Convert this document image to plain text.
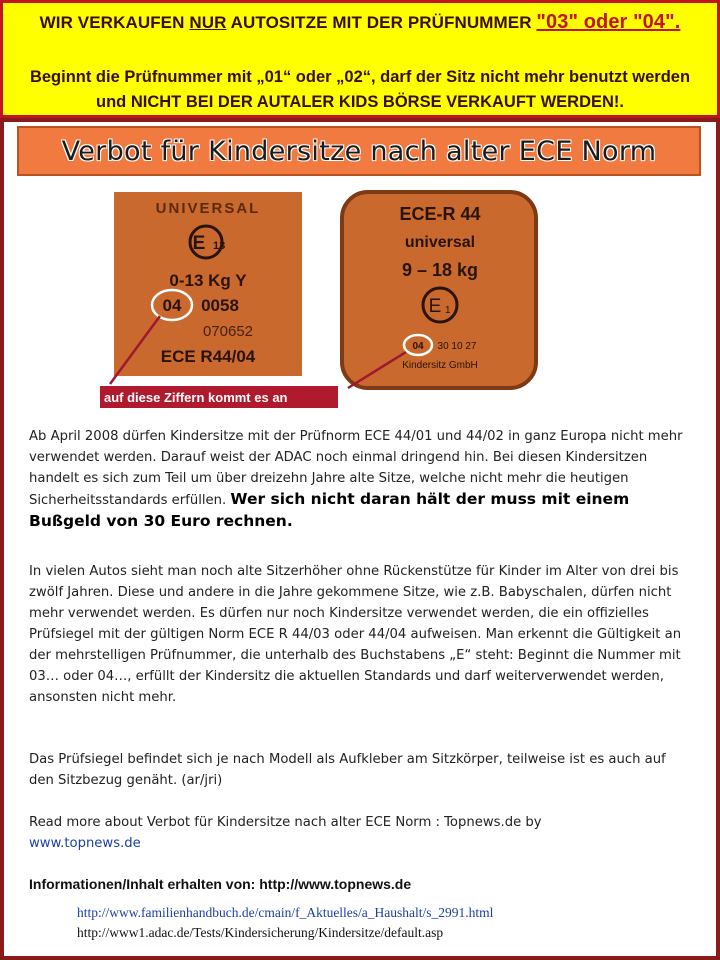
WIR VERKAUFEN NUR AUTOSITZE MIT DER PRÜFNUMMER "03" oder "04".
Beginnt die Prüfnummer mit „01“ oder „02“, darf der Sitz nicht mehr benutzt werden und NICHT BEI DER AUTALER KIDS BÖRSE VERKAUFT WERDEN!.
Verbot für Kindersitze nach alter ECE Norm
UNIVERSAL
E 13
0-13 Kg Y
04 0058
070652
ECE R44/04
ECE-R 44
universal
9 – 18 kg
E 1
04 30 10 27
Kindersitz GmbH
auf diese Ziffern kommt es an
Ab April 2008 dürfen Kindersitze mit der Prüfnorm ECE 44/01 und 44/02 in ganz Europa nicht mehr verwendet werden. Darauf weist der ADAC noch einmal dringend hin. Bei diesen Kindersitzen handelt es sich zum Teil um über dreizehn Jahre alte Sitze, welche nicht mehr die heutigen Sicherheitsstandards erfüllen. Wer sich nicht daran hält der muss mit einem Bußgeld von 30 Euro rechnen.
In vielen Autos sieht man noch alte Sitzerhöher ohne Rückenstütze für Kinder im Alter von drei bis zwölf Jahren. Diese und andere in die Jahre gekommene Sitze, wie z.B. Babyschalen, dürfen nicht mehr verwendet werden. Es dürfen nur noch Kindersitze verwendet werden, die ein offizielles Prüfsiegel mit der gültigen Norm ECE R 44/03 oder 44/04 aufweisen. Man erkennt die Gültigkeit an der mehrstelligen Prüfnummer, die unterhalb des Buchstabens „E“ steht: Beginnt die Nummer mit 03… oder 04…, erfüllt der Kindersitz die aktuellen Standards und darf weiterverwendet werden, ansonsten nicht mehr.
Das Prüfsiegel befindet sich je nach Modell als Aufkleber am Sitzkörper, teilweise ist es auch auf den Sitzbezug genäht. (ar/jri)
Read more about Verbot für Kindersitze nach alter ECE Norm : Topnews.de by
www.topnews.de
Informationen/Inhalt erhalten von: http://www.topnews.de
http://www.familienhandbuch.de/cmain/f_Aktuelles/a_Haushalt/s_2991.html
http://www1.adac.de/Tests/Kindersicherung/Kindersitze/default.asp
